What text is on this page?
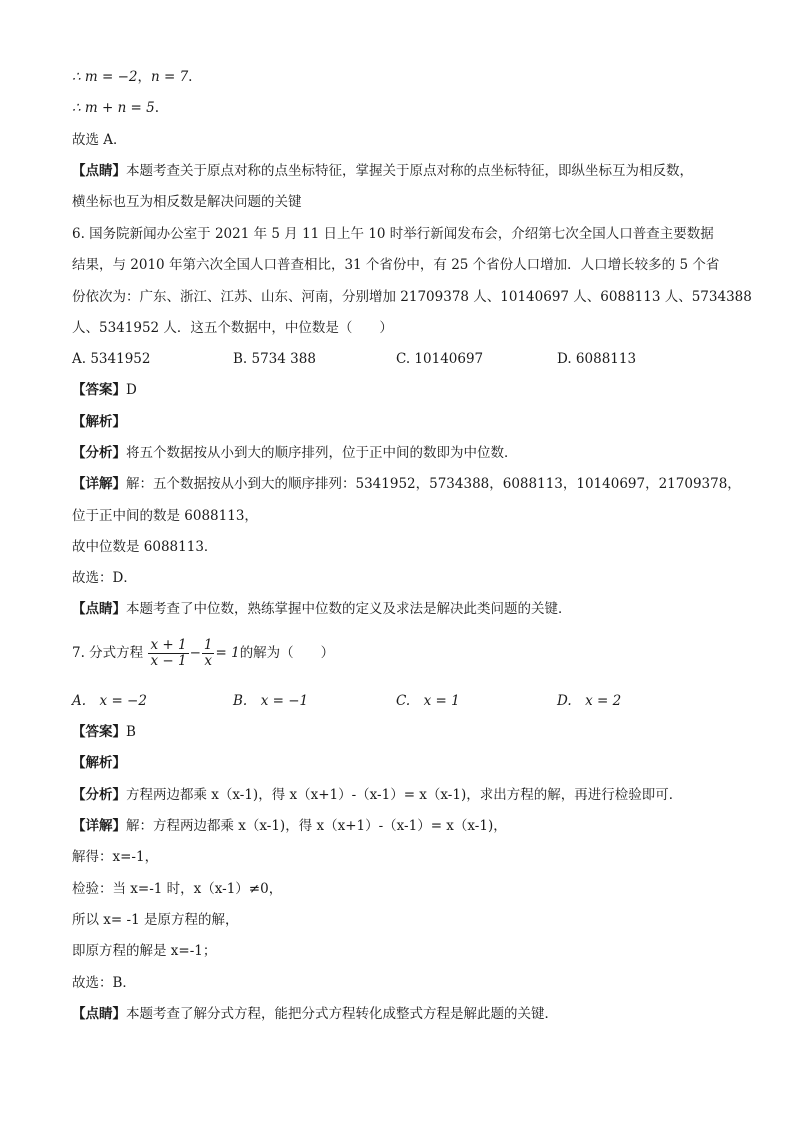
∴ m = −2，n = 7.
∴ m + n = 5.
故选 A．
【点睛】本题考查关于原点对称的点坐标特征，掌握关于原点对称的点坐标特征，即纵坐标互为相反数，
横坐标也互为相反数是解决问题的关键
6. 国务院新闻办公室于 2021 年 5 月 11 日上午 10 时举行新闻发布会，介绍第七次全国人口普查主要数据
结果，与 2010 年第六次全国人口普查相比，31 个省份中，有 25 个省份人口增加．人口增长较多的 5 个省
份依次为：广东、浙江、江苏、山东、河南，分别增加 21709378 人、10140697 人、6088113 人、5734388
人、5341952 人．这五个数据中，中位数是（　　）
A. 5341952	B. 5734 388	C. 10140697	D. 6088113
【答案】D
【解析】
【分析】将五个数据按从小到大的顺序排列，位于正中间的数即为中位数．
【详解】解：五个数据按从小到大的顺序排列：5341952，5734388，6088113，10140697，21709378，
位于正中间的数是 6088113，
故中位数是 6088113．
故选：D．
【点睛】本题考查了中位数，熟练掌握中位数的定义及求法是解决此类问题的关键．
7. 分式方程 $\frac{x + 1}{x - 1} - \frac{1}{x} = 1$的解为（　　）
A.　x = −2	B.　x = −1	C.　x = 1	D.　x = 2
【答案】B
【解析】
【分析】方程两边都乘 x（x-1)，得 x（x+1）-（x-1）= x（x-1)，求出方程的解，再进行检验即可．
【详解】解：方程两边都乘 x（x-1)，得 x（x+1）-（x-1）= x（x-1)，
解得：x=-1，
检验：当 x=-1 时，x（x-1）≠0，
所以 x= -1 是原方程的解，
即原方程的解是 x=-1；
故选：B．
【点睛】本题考查了解分式方程，能把分式方程转化成整式方程是解此题的关键．
